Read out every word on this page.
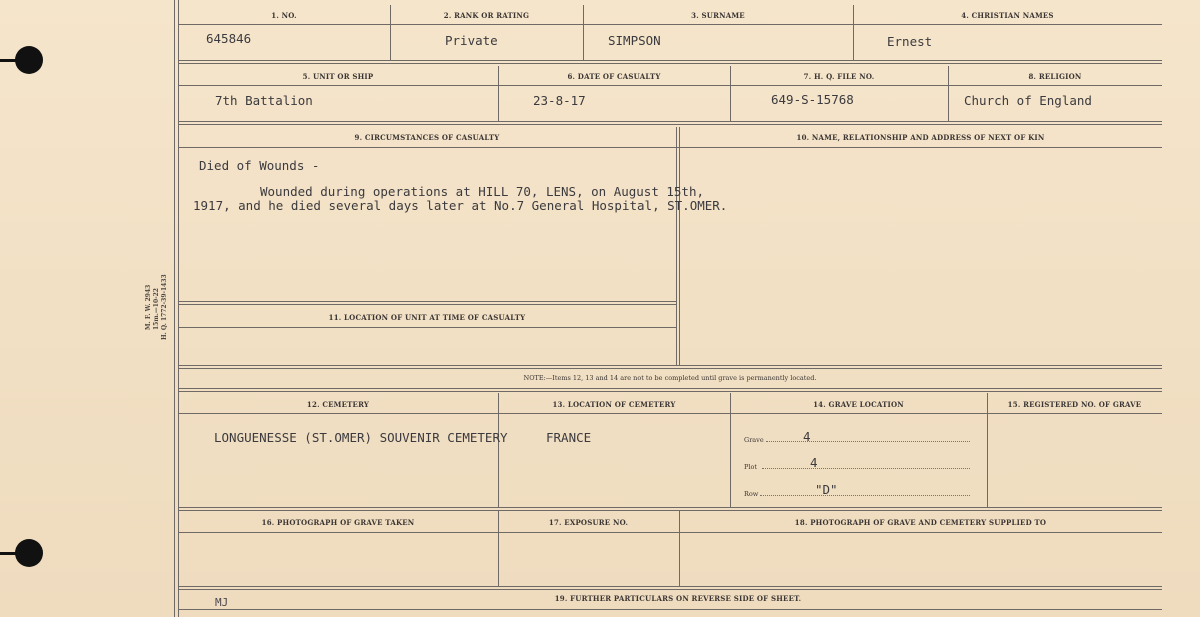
M. F. W. 2943 15m.—10-22 H. Q. 1772-39-1433
1. NO.	2. RANK OR RATING	3. SURNAME	4. CHRISTIAN NAMES
645846	Private	SIMPSON	Ernest
5. UNIT OR SHIP	6. DATE OF CASUALTY	7. H. Q. FILE NO.	8. RELIGION
7th Battalion	23-8-17	649-S-15768	Church of England
9. CIRCUMSTANCES OF CASUALTY	10. NAME, RELATIONSHIP AND ADDRESS OF NEXT OF KIN
Died of Wounds -
Wounded during operations at HILL 70, LENS, on August 15th,
1917, and he died several days later at No.7 General Hospital, ST.OMER.
11. LOCATION OF UNIT AT TIME OF CASUALTY
NOTE:—Items 12, 13 and 14 are not to be completed until grave is permanently located.
12. CEMETERY	13. LOCATION OF CEMETERY	14. GRAVE LOCATION	15. REGISTERED NO. OF GRAVE
LONGUENESSE (ST.OMER) SOUVENIR CEMETERY	FRANCE	Grave	4
Plot	4
Row	"D"
16. PHOTOGRAPH OF GRAVE TAKEN	17. EXPOSURE NO.	18. PHOTOGRAPH OF GRAVE AND CEMETERY SUPPLIED TO
19. FURTHER PARTICULARS ON REVERSE SIDE OF SHEET.
MJ
